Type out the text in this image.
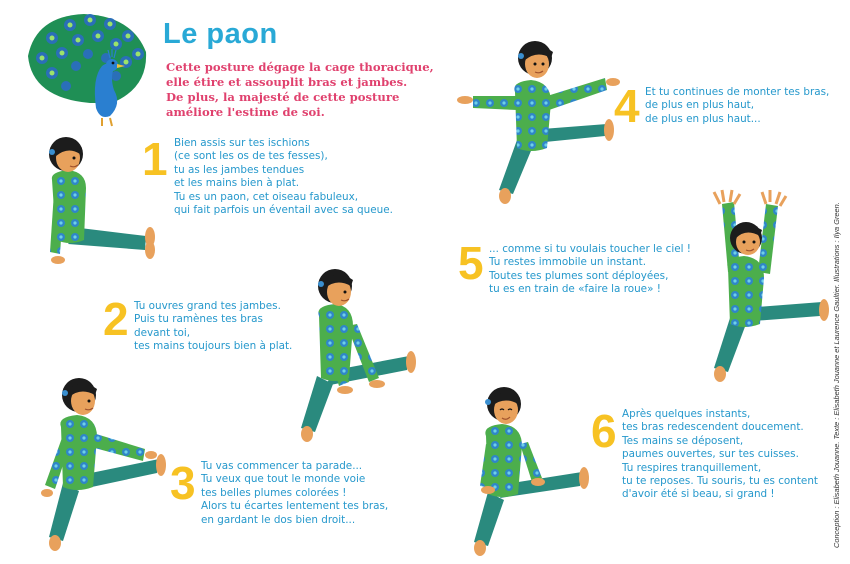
Le paon
Cette posture dégage la cage thoracique,
elle étire et assouplit bras et jambes.
De plus, la majesté de cette posture
améliore l'estime de soi.
1 Bien assis sur tes ischions
(ce sont les os de tes fesses),
tu as les jambes tendues
et les mains bien à plat.
Tu es un paon, cet oiseau fabuleux,
qui fait parfois un éventail avec sa queue.
2 Tu ouvres grand tes jambes.
Puis tu ramènes tes bras
devant toi,
tes mains toujours bien à plat.
3 Tu vas commencer ta parade...
Tu veux que tout le monde voie
tes belles plumes colorées !
Alors tu écartes lentement tes bras,
en gardant le dos bien droit...
4 Et tu continues de monter tes bras,
de plus en plus haut,
de plus en plus haut...
5 ... comme si tu voulais toucher le ciel !
Tu restes immobile un instant.
Toutes tes plumes sont déployées,
tu es en train de «faire la roue» !
6 Après quelques instants,
tes bras redescendent doucement.
Tes mains se déposent,
paumes ouvertes, sur tes cuisses.
Tu respires tranquillement,
tu te reposes. Tu souris, tu es content
d'avoir été si beau, si grand !	Conception : Elisabeth Jouanne. Texte : Elisabeth Jouanne et Laurence Gaultier. Illustrations : Ilya Green.
